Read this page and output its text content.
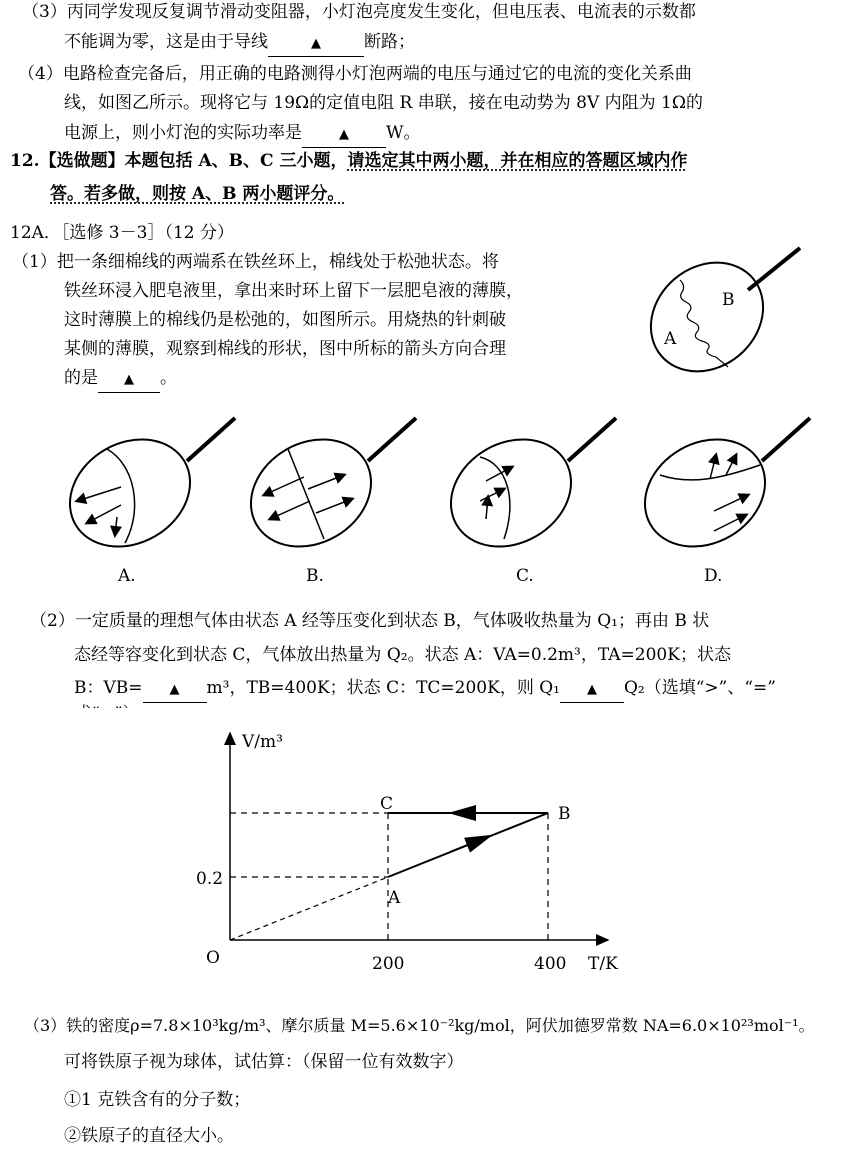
（3）丙同学发现反复调节滑动变阻器，小灯泡亮度发生变化，但电压表、电流表的示数都
不能调为零，这是由于导线	▲	断路；
（4）电路检查完备后，用正确的电路测得小灯泡两端的电压与通过它的电流的变化关系曲
线，如图乙所示。现将它与 19Ω的定值电阻 R 串联，接在电动势为 8V 内阻为 1Ω的
电源上，则小灯泡的实际功率是	▲ W。
12.【选做题】本题包括 A、B、C 三小题，请选定其中两小题，并在相应的答题区域内作
答。若多做，则按 A、B 两小题评分。
12A．［选修 3－3］（12 分）
（1）把一条细棉线的两端系在铁丝环上，棉线处于松弛状态。将
铁丝环浸入肥皂液里，拿出来时环上留下一层肥皂液的薄膜，
这时薄膜上的棉线仍是松弛的，如图所示。用烧热的针刺破
某侧的薄膜，观察到棉线的形状，图中所标的箭头方向合理
的是 ▲ 。
B
A
A.	B.	C.	D.
（2）一定质量的理想气体由状态 A 经等压变化到状态 B，气体吸收热量为 Q₁；再由 B 状
态经等容变化到状态 C，气体放出热量为 Q₂。状态 A：VA=0.2m³，TA=200K；状态
B：VB= ▲ m³，TB=400K；状态 C：TC=200K，则 Q₁ ▲ Q₂（选填“>”、“=”
V/m³
T/K
O
0.2
200	400
C	B
A
（3）铁的密度ρ=7.8×10³kg/m³、摩尔质量 M=5.6×10⁻²kg/mol，阿伏加德罗常数 NA=6.0×10²³mol⁻¹。
可将铁原子视为球体，试估算：（保留一位有效数字）
①1 克铁含有的分子数；
②铁原子的直径大小。
